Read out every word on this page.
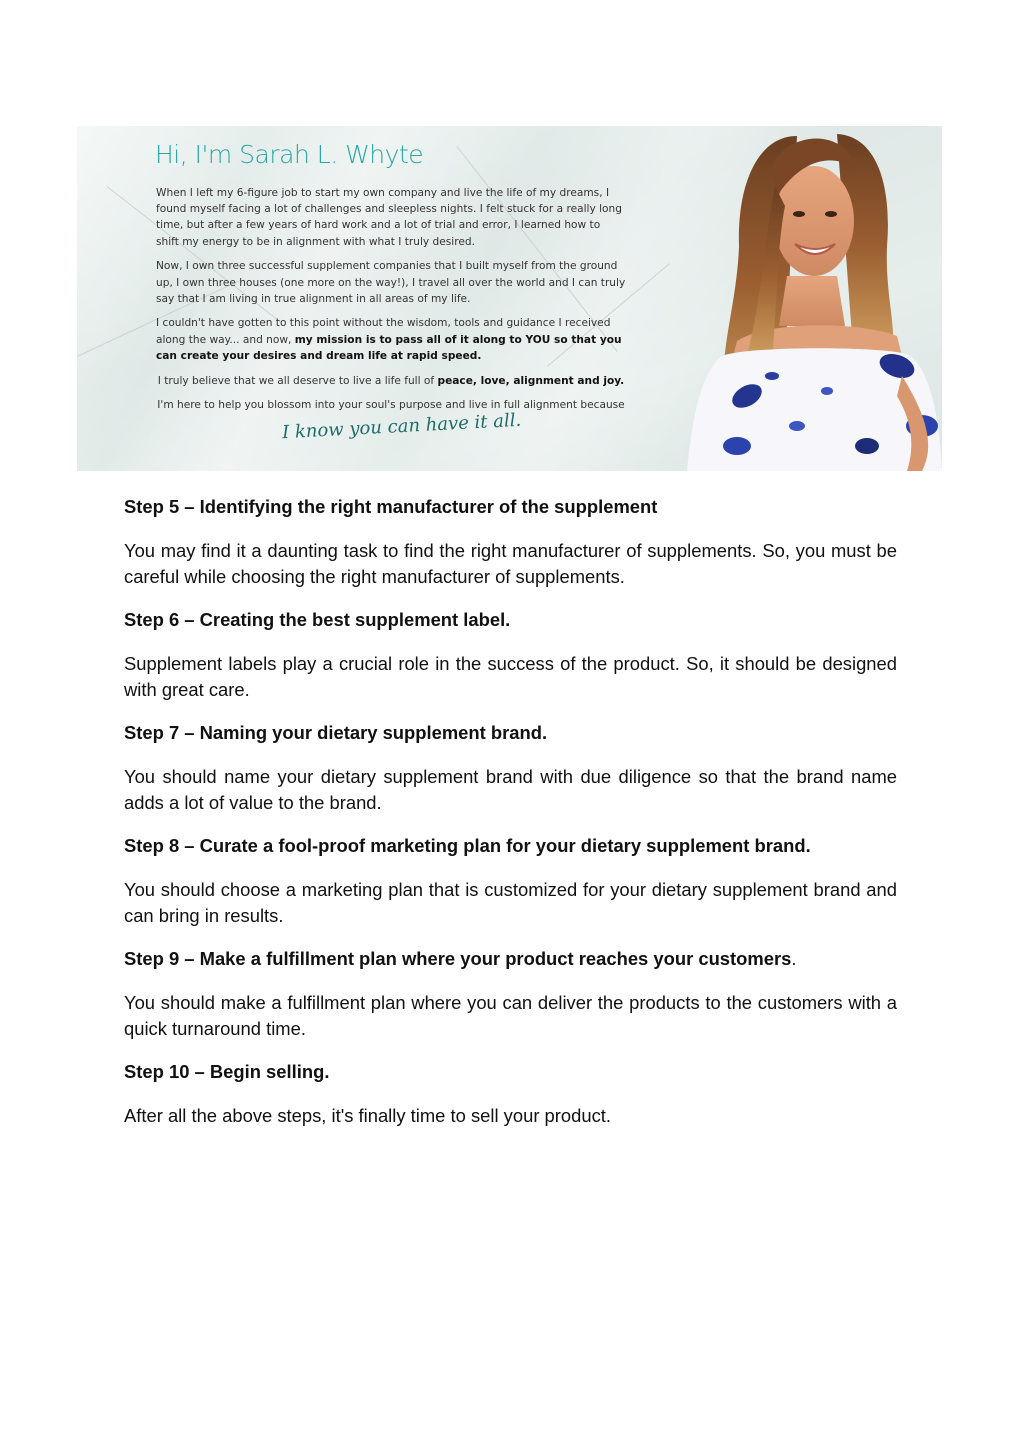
Hi, I'm Sarah L. Whyte

When I left my 6-figure job to start my own company and live the life of my dreams, I found myself facing a lot of challenges and sleepless nights. I felt stuck for a really long time, but after a few years of hard work and a lot of trial and error, I learned how to shift my energy to be in alignment with what I truly desired.

Now, I own three successful supplement companies that I built myself from the ground up, I own three houses (one more on the way!), I travel all over the world and I can truly say that I am living in true alignment in all areas of my life.

I couldn't have gotten to this point without the wisdom, tools and guidance I received along the way... and now, my mission is to pass all of it along to YOU so that you can create your desires and dream life at rapid speed.

I truly believe that we all deserve to live a life full of peace, love, alignment and joy.

I'm here to help you blossom into your soul's purpose and live in full alignment because

I know you can have it all.

Step 5 – Identifying the right manufacturer of the supplement

You may find it a daunting task to find the right manufacturer of supplements. So, you must be careful while choosing the right manufacturer of supplements.

Step 6 – Creating the best supplement label.

Supplement labels play a crucial role in the success of the product. So, it should be designed with great care.

Step 7 – Naming your dietary supplement brand.

You should name your dietary supplement brand with due diligence so that the brand name adds a lot of value to the brand.

Step 8 – Curate a fool-proof marketing plan for your dietary supplement brand.

You should choose a marketing plan that is customized for your dietary supplement brand and can bring in results.

Step 9 – Make a fulfillment plan where your product reaches your customers.

You should make a fulfillment plan where you can deliver the products to the customers with a quick turnaround time.

Step 10 – Begin selling.

After all the above steps, it's finally time to sell your product.
